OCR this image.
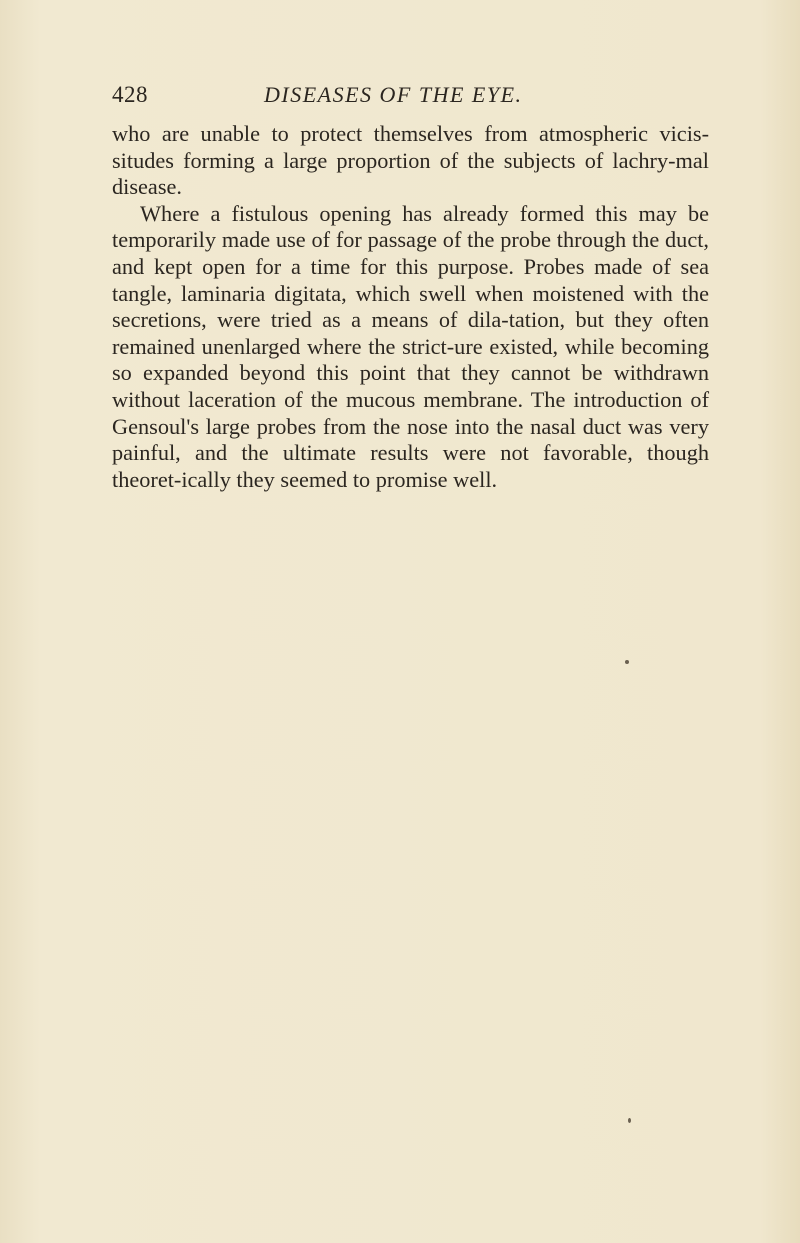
428	DISEASES OF THE EYE.

who are unable to protect themselves from atmospheric vicis-situdes forming a large proportion of the subjects of lachry-mal disease.

Where a fistulous opening has already formed this may be temporarily made use of for passage of the probe through the duct, and kept open for a time for this purpose. Probes made of sea tangle, laminaria digitata, which swell when moistened with the secretions, were tried as a means of dila-tation, but they often remained unenlarged where the strict-ure existed, while becoming so expanded beyond this point that they cannot be withdrawn without laceration of the mucous membrane. The introduction of Gensoul's large probes from the nose into the nasal duct was very painful, and the ultimate results were not favorable, though theoret-ically they seemed to promise well.
